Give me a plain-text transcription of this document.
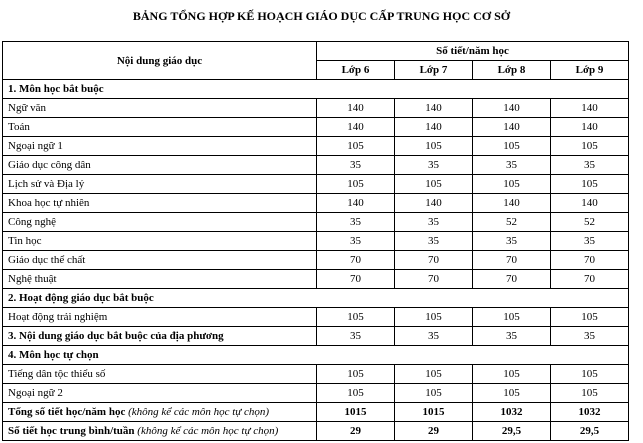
BẢNG TỔNG HỢP KẾ HOẠCH GIÁO DỤC CẤP TRUNG HỌC CƠ SỞ
Nội dung giáo dục	Số tiết/năm học			
	Lớp 6	Lớp 7	Lớp 8	Lớp 9
1. Môn học bắt buộc				
Ngữ văn	140	140	140	140
Toán	140	140	140	140
Ngoại ngữ 1	105	105	105	105
Giáo dục công dân	35	35	35	35
Lịch sử và Địa lý	105	105	105	105
Khoa học tự nhiên	140	140	140	140
Công nghệ	35	35	52	52
Tin học	35	35	35	35
Giáo dục thể chất	70	70	70	70
Nghệ thuật	70	70	70	70
2. Hoạt động giáo dục bắt buộc				
Hoạt động trải nghiệm	105	105	105	105
3. Nội dung giáo dục bắt buộc của địa phương	35	35	35	35
4. Môn học tự chọn				
Tiếng dân tộc thiểu số	105	105	105	105
Ngoại ngữ 2	105	105	105	105
Tổng số tiết học/năm học (không kể các môn học tự chọn)	1015	1015	1032	1032
Số tiết học trung bình/tuần (không kể các môn học tự chọn)	29	29	29,5	29,5
